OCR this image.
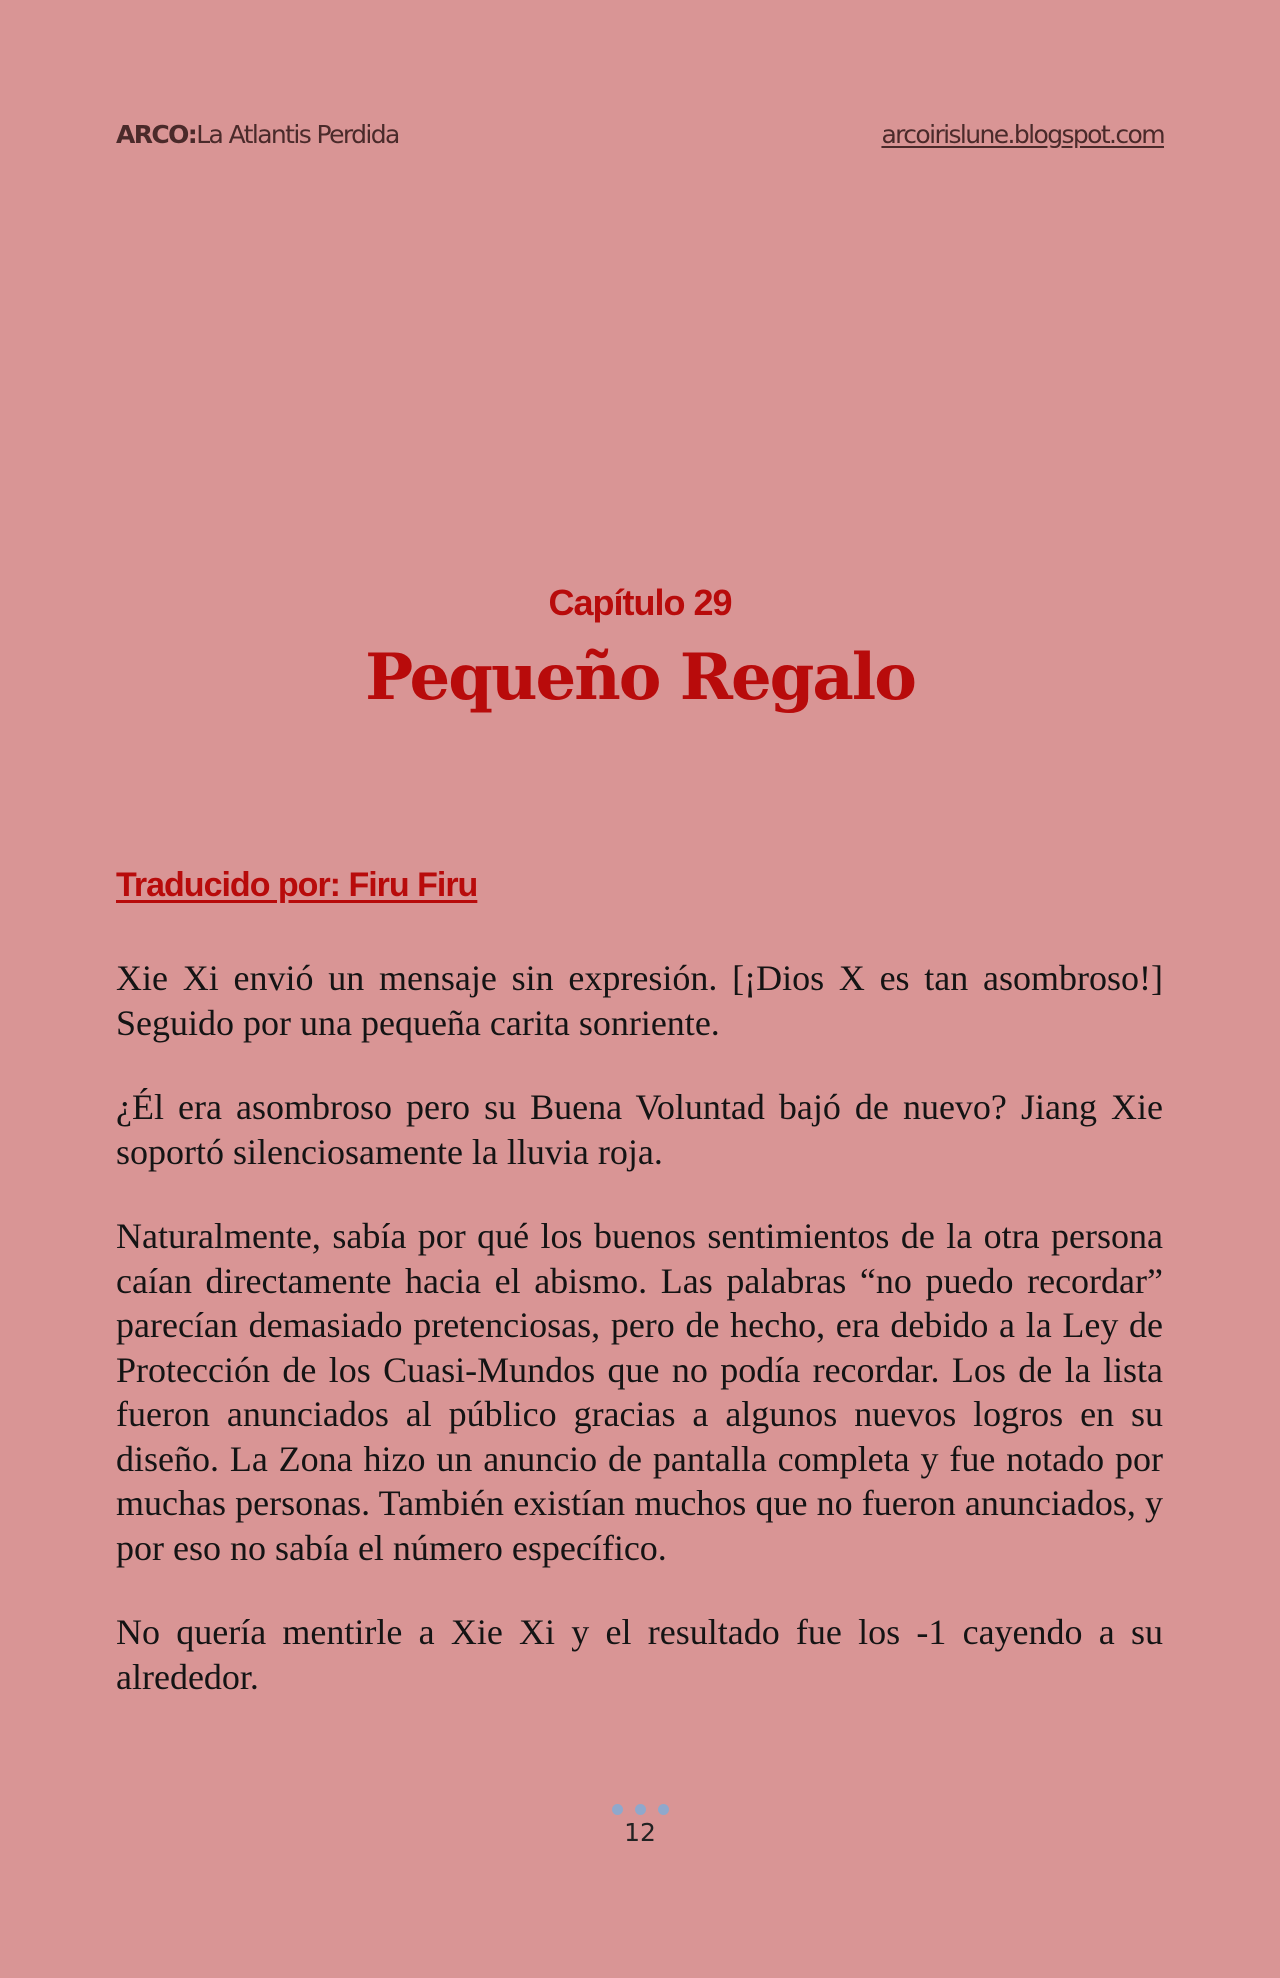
ARCO:La Atlantis Perdida	arcoirislune.blogspot.com
Capítulo 29
Pequeño Regalo
Traducido por: Firu Firu

Xie Xi envió un mensaje sin expresión. [¡Dios X es tan asombroso!] Seguido por una pequeña carita sonriente.

¿Él era asombroso pero su Buena Voluntad bajó de nuevo? Jiang Xie soportó silenciosamente la lluvia roja.

Naturalmente, sabía por qué los buenos sentimientos de la otra persona caían directamente hacia el abismo. Las palabras “no puedo recordar” parecían demasiado pretenciosas, pero de hecho, era debido a la Ley de Protección de los Cuasi-Mundos que no podía recordar. Los de la lista fueron anunciados al público gracias a algunos nuevos logros en su diseño. La Zona hizo un anuncio de pantalla completa y fue notado por muchas personas. También existían muchos que no fueron anunciados, y por eso no sabía el número específico.

No quería mentirle a Xie Xi y el resultado fue los -1 cayendo a su alrededor.

12
